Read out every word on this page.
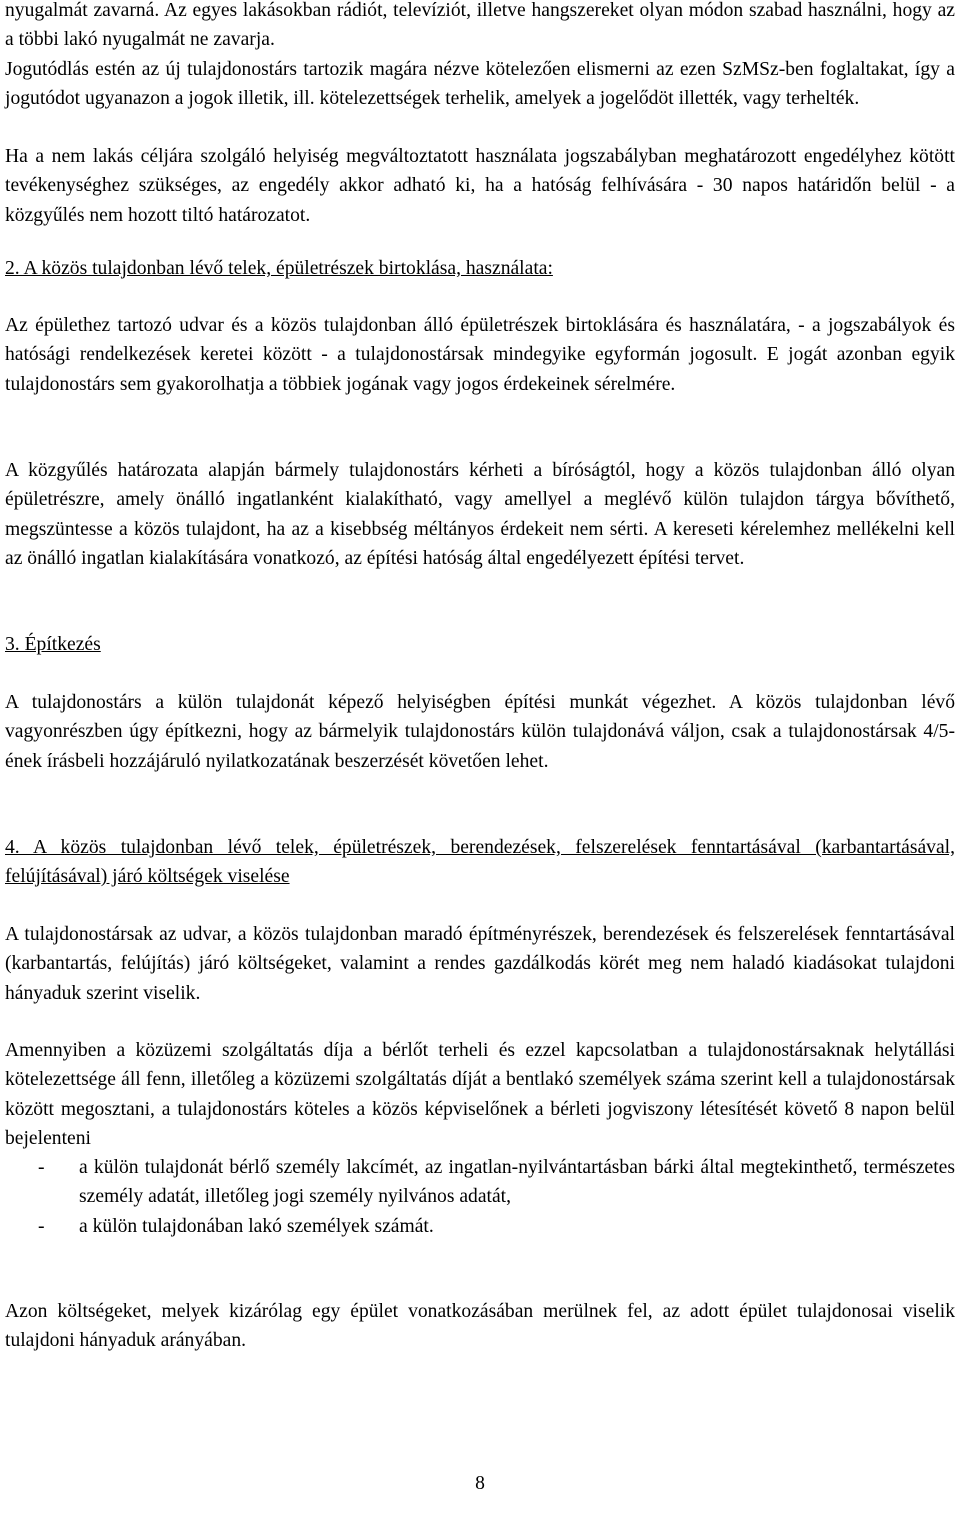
nyugalmát zavarná. Az egyes lakásokban rádiót, televíziót, illetve hangszereket olyan módon szabad használni, hogy az a többi lakó nyugalmát ne zavarja.

Jogutódlás estén az új tulajdonostárs tartozik magára nézve kötelezően elismerni az ezen SzMSz-ben foglaltakat, így a jogutódot ugyanazon a jogok illetik, ill. kötelezettségek terhelik, amelyek a jogelődöt illették, vagy terhelték.

Ha a nem lakás céljára szolgáló helyiség megváltoztatott használata jogszabályban meghatározott engedélyhez kötött tevékenységhez szükséges, az engedély akkor adható ki, ha a hatóság felhívására - 30 napos határidőn belül - a közgyűlés nem hozott tiltó határozatot.

2. A közös tulajdonban lévő telek, épületrészek birtoklása, használata:

Az épülethez tartozó udvar és a közös tulajdonban álló épületrészek birtoklására és használatára, - a jogszabályok és hatósági rendelkezések keretei között - a tulajdonostársak mindegyike egyformán jogosult. E jogát azonban egyik tulajdonostárs sem gyakorolhatja a többiek jogának vagy jogos érdekeinek sérelmére.

A közgyűlés határozata alapján bármely tulajdonostárs kérheti a bíróságtól, hogy a közös tulajdonban álló olyan épületrészre, amely önálló ingatlanként kialakítható, vagy amellyel a meglévő külön tulajdon tárgya bővíthető, megszüntesse a közös tulajdont, ha az a kisebbség méltányos érdekeit nem sérti. A kereseti kérelemhez mellékelni kell az önálló ingatlan kialakítására vonatkozó, az építési hatóság által engedélyezett építési tervet.

3. Építkezés

A tulajdonostárs a külön tulajdonát képező helyiségben építési munkát végezhet. A közös tulajdonban lévő vagyonrészben úgy építkezni, hogy az bármelyik tulajdonostárs külön tulajdonává váljon, csak a tulajdonostársak 4/5-ének írásbeli hozzájáruló nyilatkozatának beszerzését követően lehet.

4. A közös tulajdonban lévő telek, épületrészek, berendezések, felszerelések fenntartásával (karbantartásával, felújításával) járó költségek viselése

A tulajdonostársak az udvar, a közös tulajdonban maradó építményrészek, berendezések és felszerelések fenntartásával (karbantartás, felújítás) járó költségeket, valamint a rendes gazdálkodás körét meg nem haladó kiadásokat tulajdoni hányaduk szerint viselik.

Amennyiben a közüzemi szolgáltatás díja a bérlőt terheli és ezzel kapcsolatban a tulajdonostársaknak helytállási kötelezettsége áll fenn, illetőleg a közüzemi szolgáltatás díját a bentlakó személyek száma szerint kell a tulajdonostársak között megosztani, a tulajdonostárs köteles a közös képviselőnek a bérleti jogviszony létesítését követő 8 napon belül bejelenteni

- a külön tulajdonát bérlő személy lakcímét, az ingatlan-nyilvántartásban bárki által megtekinthető, természetes személy adatát, illetőleg jogi személy nyilvános adatát,
- a külön tulajdonában lakó személyek számát.

Azon költségeket, melyek kizárólag egy épület vonatkozásában merülnek fel, az adott épület tulajdonosai viselik tulajdoni hányaduk arányában.

8
